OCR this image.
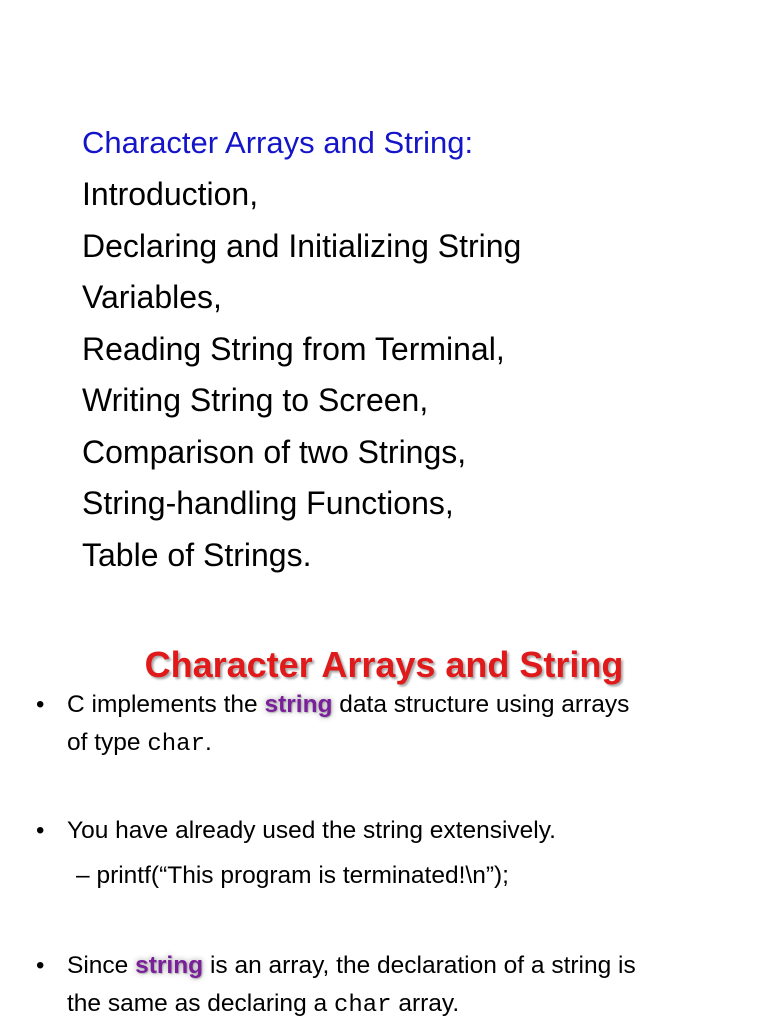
Character Arrays and String:
Introduction,
Declaring and Initializing String
Variables,
Reading String from Terminal,
Writing String to Screen,
Comparison of two Strings,
String-handling Functions,
Table of Strings.
Character Arrays and String
• C implements the string data structure using arrays
of type char.
• You have already used the string extensively.
– printf(“This program is terminated!\n”);
• Since string is an array, the declaration of a string is
the same as declaring a char array.
